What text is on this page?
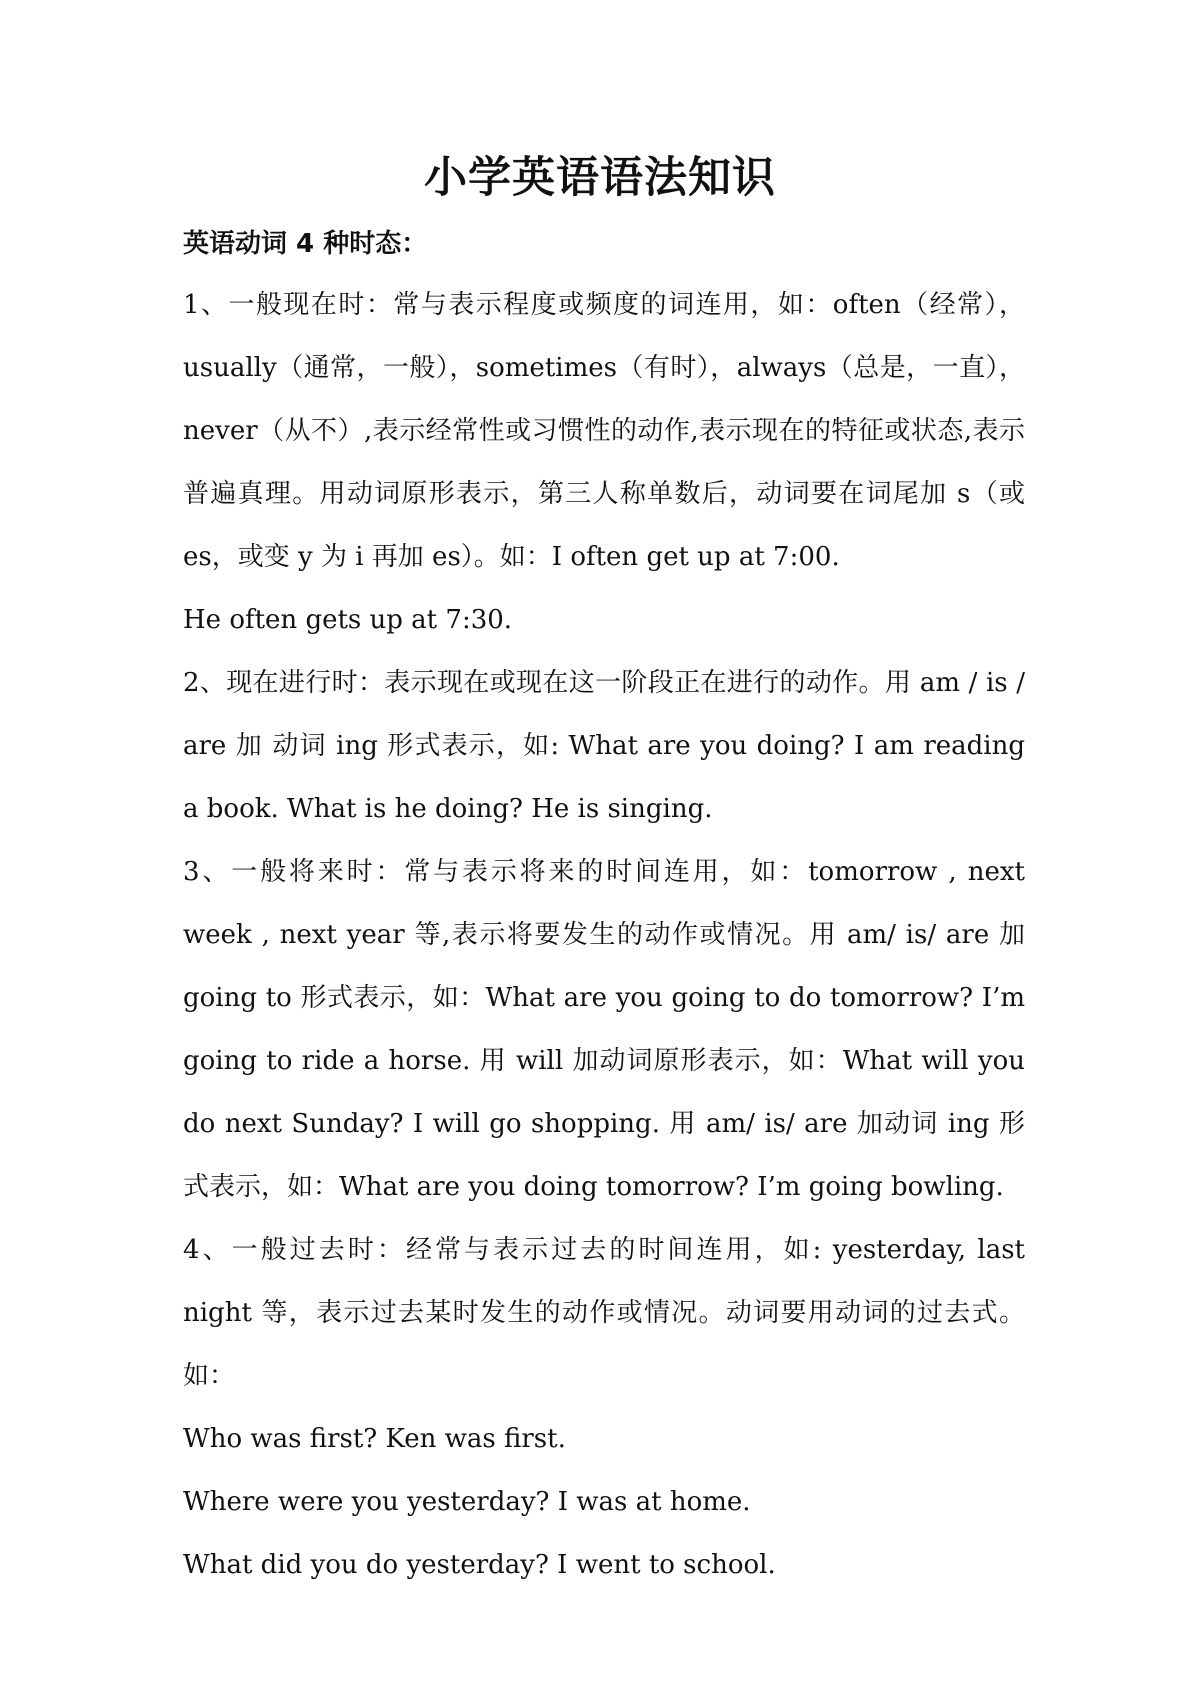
小学英语语法知识

英语动词 4 种时态：

1、一般现在时：常与表示程度或频度的词连用，如：often（经常），usually（通常，一般），sometimes（有时），always（总是，一直），never（从不）,表示经常性或习惯性的动作,表示现在的特征或状态,表示普遍真理。用动词原形表示，第三人称单数后，动词要在词尾加 s（或 es，或变 y 为 i 再加 es）。如：I often get up at 7:00.

He often gets up at 7:30.

2、现在进行时：表示现在或现在这一阶段正在进行的动作。用 am / is / are 加 动词 ing 形式表示，如: What are you doing? I am reading a book. What is he doing? He is singing.

3、一般将来时：常与表示将来的时间连用，如：tomorrow , next week , next year 等,表示将要发生的动作或情况。用 am/ is/ are 加 going to 形式表示，如：What are you going to do tomorrow? I’m going to ride a horse. 用 will 加动词原形表示，如：What will you do next Sunday? I will go shopping. 用 am/ is/ are 加动词 ing 形式表示，如：What are you doing tomorrow? I’m going bowling.

4、一般过去时：经常与表示过去的时间连用，如: yesterday, last night 等，表示过去某时发生的动作或情况。动词要用动词的过去式。如：

Who was first? Ken was first.

Where were you yesterday? I was at home.

What did you do yesterday? I went to school.
